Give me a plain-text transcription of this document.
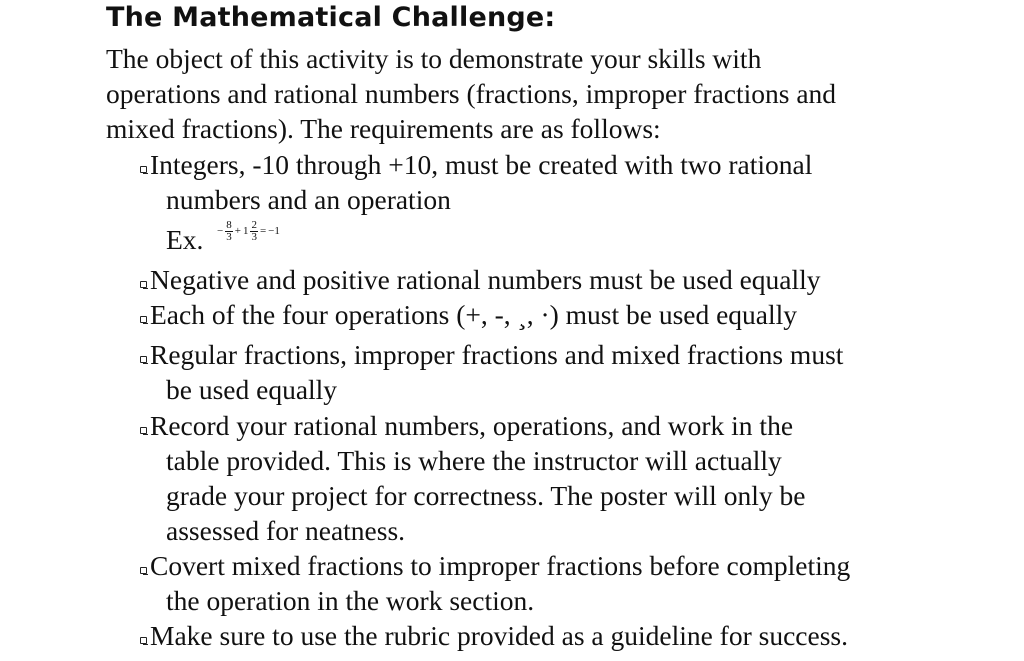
The Mathematical Challenge:
The object of this activity is to demonstrate your skills with
operations and rational numbers (fractions, improper fractions and
mixed fractions). The requirements are as follows:
Integers, -10 through +10, must be created with two rational
numbers and an operation
Ex. − $\frac{8}{3} + 1 \frac{2}{3} = -1$
Negative and positive rational numbers must be used equally
Each of the four operations (+, -, ¸, ·) must be used equally
Regular fractions, improper fractions and mixed fractions must
be used equally
Record your rational numbers, operations, and work in the
table provided. This is where the instructor will actually
grade your project for correctness. The poster will only be
assessed for neatness.
Covert mixed fractions to improper fractions before completing
the operation in the work section.
Make sure to use the rubric provided as a guideline for success.
